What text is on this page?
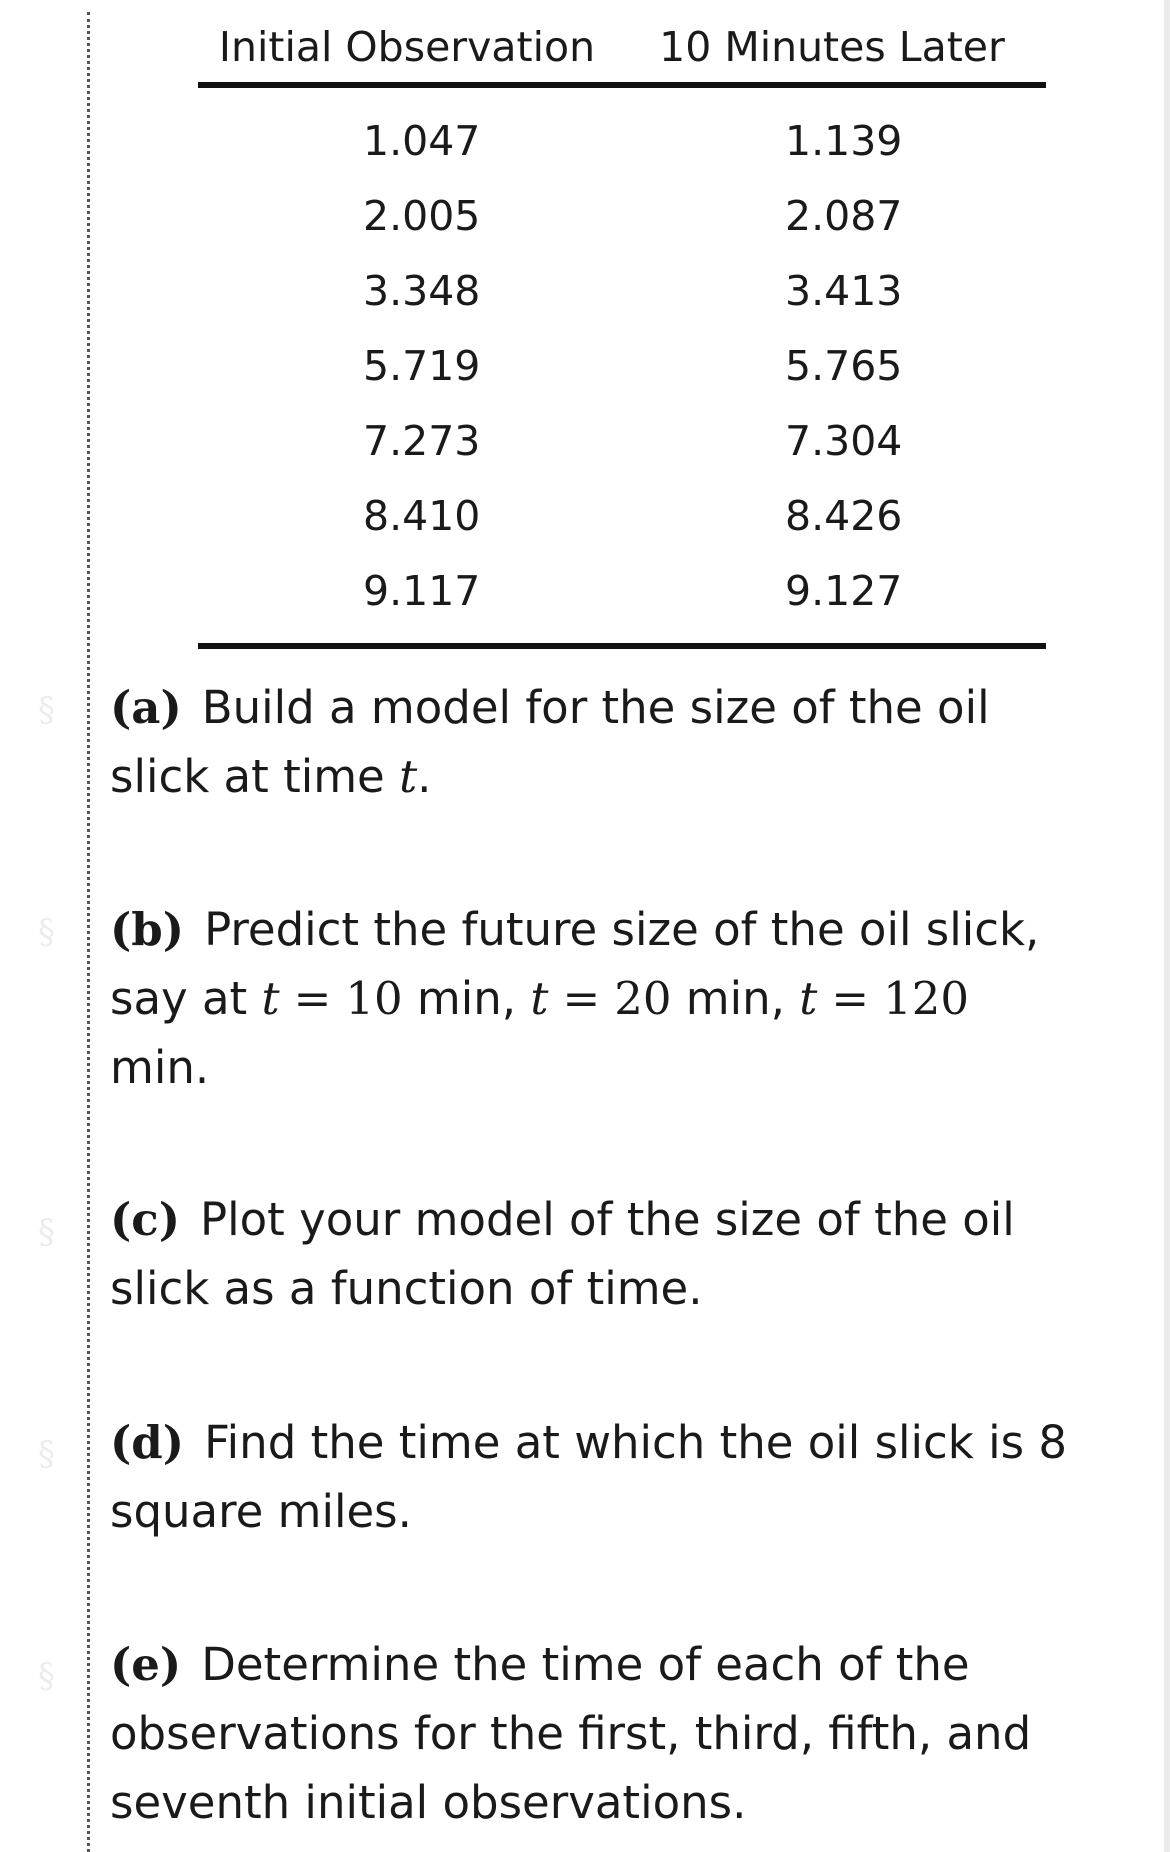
§
§
§
§
§
Initial Observation	10 Minutes Later
1.047	1.139
2.005	2.087
3.348	3.413
5.719	5.765
7.273	7.304
8.410	8.426
9.117	9.127
(a) Build a model for the size of the oil slick at time t.
(b) Predict the future size of the oil slick, say at t = 10 min, t = 20 min, t = 120 min.
(c) Plot your model of the size of the oil slick as a function of time.
(d) Find the time at which the oil slick is 8 square miles.
(e) Determine the time of each of the observations for the first, third, fifth, and seventh initial observations.
